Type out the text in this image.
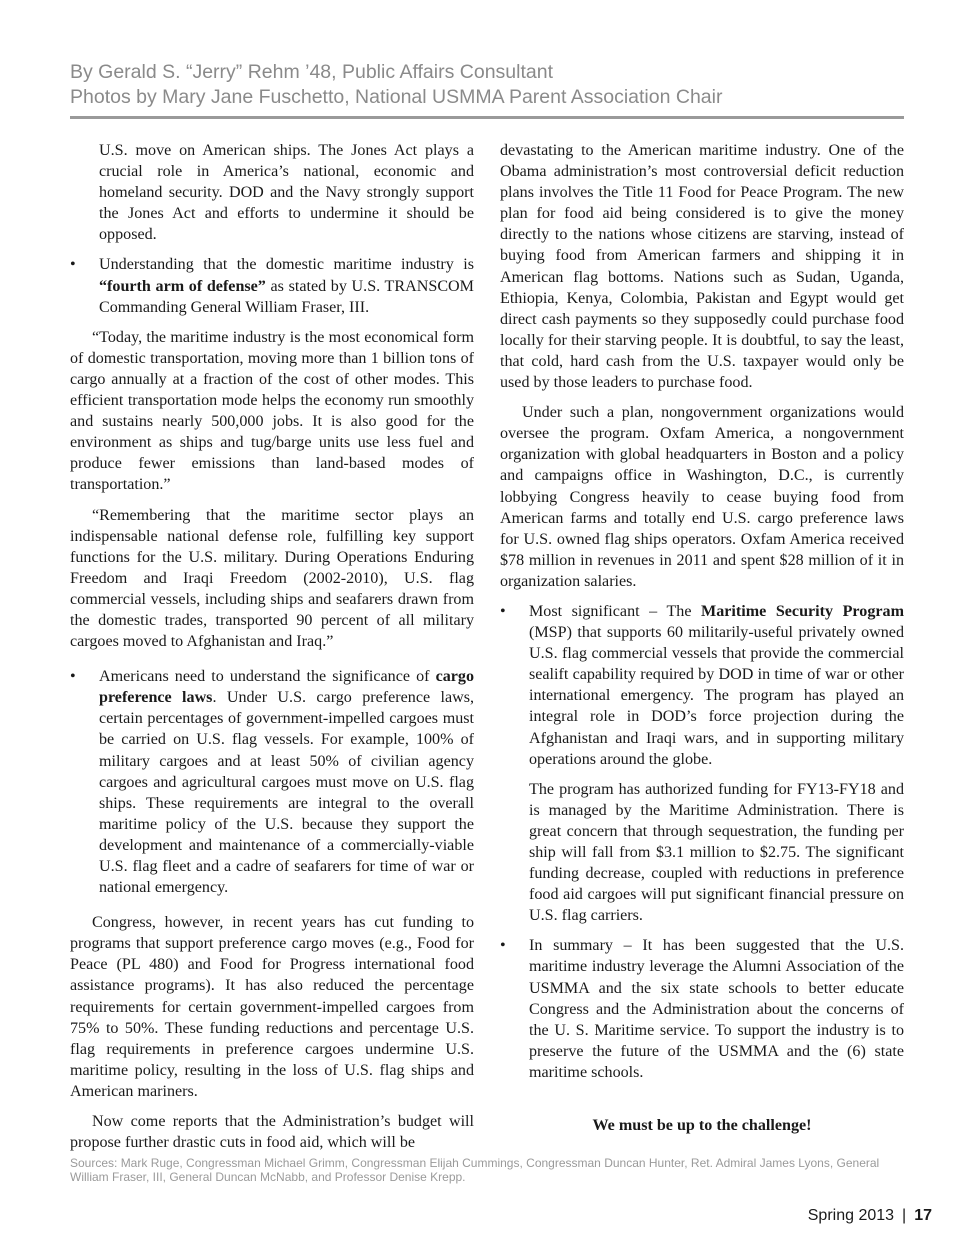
By Gerald S. “Jerry” Rehm ’48, Public Affairs Consultant
Photos by Mary Jane Fuschetto, National USMMA Parent Association Chair

U.S. move on American ships. The Jones Act plays a crucial role in America’s national, economic and homeland security. DOD and the Navy strongly support the Jones Act and efforts to undermine it should be opposed.

•	Understanding that the domestic maritime industry is “fourth arm of defense” as stated by U.S. TRANSCOM Commanding General William Fraser, III.

“Today, the maritime industry is the most economical form of domestic transportation, moving more than 1 billion tons of cargo annually at a fraction of the cost of other modes. This efficient transportation mode helps the economy run smoothly and sustains nearly 500,000 jobs. It is also good for the environment as ships and tug/barge units use less fuel and produce fewer emissions than land-based modes of transportation.”

“Remembering that the maritime sector plays an indispensable national defense role, fulfilling key support functions for the U.S. military. During Operations Enduring Freedom and Iraqi Freedom (2002-2010), U.S. flag commercial vessels, including ships and seafarers drawn from the domestic trades, transported 90 percent of all military cargoes moved to Afghanistan and Iraq.”

•	Americans need to understand the significance of cargo preference laws. Under U.S. cargo preference laws, certain percentages of government-impelled cargoes must be carried on U.S. flag vessels. For example, 100% of military cargoes and at least 50% of civilian agency cargoes and agricultural cargoes must move on U.S. flag ships. These requirements are integral to the overall maritime policy of the U.S. because they support the development and maintenance of a commercially-viable U.S. flag fleet and a cadre of seafarers for time of war or national emergency.

Congress, however, in recent years has cut funding to programs that support preference cargo moves (e.g., Food for Peace (PL 480) and Food for Progress international food assistance programs). It has also reduced the percentage requirements for certain government-impelled cargoes from 75% to 50%. These funding reductions and percentage U.S. flag requirements in preference cargoes undermine U.S. maritime policy, resulting in the loss of U.S. flag ships and American mariners.

Now come reports that the Administration’s budget will propose further drastic cuts in food aid, which will be

devastating to the American maritime industry. One of the Obama administration’s most controversial deficit reduction plans involves the Title 11 Food for Peace Program. The new plan for food aid being considered is to give the money directly to the nations whose citizens are starving, instead of buying food from American farmers and shipping it in American flag bottoms. Nations such as Sudan, Uganda, Ethiopia, Kenya, Colombia, Pakistan and Egypt would get direct cash payments so they supposedly could purchase food locally for their starving people. It is doubtful, to say the least, that cold, hard cash from the U.S. taxpayer would only be used by those leaders to purchase food.

Under such a plan, nongovernment organizations would oversee the program. Oxfam America, a nongovernment organization with global headquarters in Boston and a policy and campaigns office in Washington, D.C., is currently lobbying Congress heavily to cease buying food from American farms and totally end U.S. cargo preference laws for U.S. owned flag ships operators. Oxfam America received $78 million in revenues in 2011 and spent $28 million of it in organization salaries.

•	Most significant – The Maritime Security Program (MSP) that supports 60 militarily-useful privately owned U.S. flag commercial vessels that provide the commercial sealift capability required by DOD in time of war or other international emergency. The program has played an integral role in DOD’s force projection during the Afghanistan and Iraqi wars, and in supporting military operations around the globe.

The program has authorized funding for FY13-FY18 and is managed by the Maritime Administration. There is great concern that through sequestration, the funding per ship will fall from $3.1 million to $2.75. The significant funding decrease, coupled with reductions in preference food aid cargoes will put significant financial pressure on U.S. flag carriers.

•	In summary – It has been suggested that the U.S. maritime industry leverage the Alumni Association of the USMMA and the six state schools to better educate Congress and the Administration about the concerns of the U. S. Maritime service. To support the industry is to preserve the future of the USMMA and the (6) state maritime schools.
We must be up to the challenge!
Sources: Mark Ruge, Congressman Michael Grimm, Congressman Elijah Cummings, Congressman Duncan Hunter, Ret. Admiral James Lyons, General William Fraser, III, General Duncan McNabb, and Professor Denise Krepp.
Spring 2013 | 17
